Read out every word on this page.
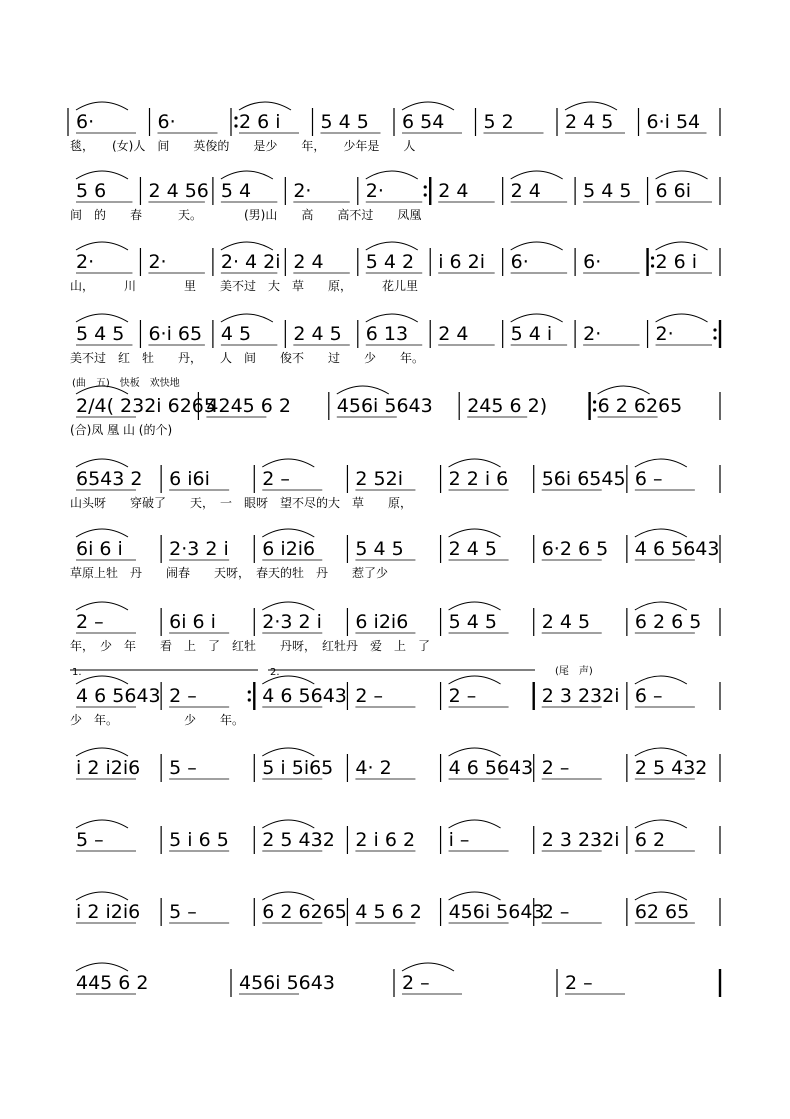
6·	6·	2 6 i 5 4 5 6 54 5 2	2 4 5 6·i 54
毯，　　(女)人　间　　英俊的　　是少　　年，　　少年是　　人
5 6 2 4 56 5 4 2·	2·	2 4 2 4 5 4 5 6 6i
间　的　　春　　　天。　　　　(男)山　　高　　高不过　　凤凰
2·	2·	2· 4 2i 2 4 5 4 2 i 6 2i 6·	6·	2 6 i
山，　　　川　　　　里　　美不过　大　草　　原，　　　花儿里
5 4 5 6·i 65 4 5 2 4 5 6 13 2 4 5 4 i 2·	2·
美不过　红　牡　　丹，　　人　间　　俊不　　过　　少　　年。
(曲　五)　快板　欢快地
2/4( 232i 6265
4245 6 2 456i 5643 245 6 2)	6 2 6265
(合)凤 凰 山 (的个)
6543 2 6 i6i	2 –	2 52i 2 2 i 6 56i 6545 6 –
山头呀　　穿破了　　天，　一　眼呀　望不尽的大　草　　原，
6i 6 i 2·3 2 i 6 i2i6 5 4 5 2 4 5 6·2 6 5 4 6 5643
草原上牡　丹　　闹春　　天呀，　春天的牡　丹　　惹了少
(尾　声)
2 –	6i 6 i 2·3 2 i 6 i2i6 5 4 5 2 4 5 6 2 6 5
年，　少　年　　看　上　了　红牡　　丹呀，　红牡丹　爱　上　了
1.	2.
4 6 5643 2 –	4 6 5643 2 –	2 –	2 3 232i 6 –
少　年。　　　　　　少　　年。
i 2 i2i6 5 –	5 i 5i65 4· 2	4 6 5643 2 –	2 5 432
5 –	5 i 6 5 2 5 432 2 i 6 2 i –	2 3 232i 6 2
i 2 i2i6 5 –	6 2 6265 4 5 6 2 456i 5643
2 –	62 65
445 6 2	456i 5643	2 –	2 –
